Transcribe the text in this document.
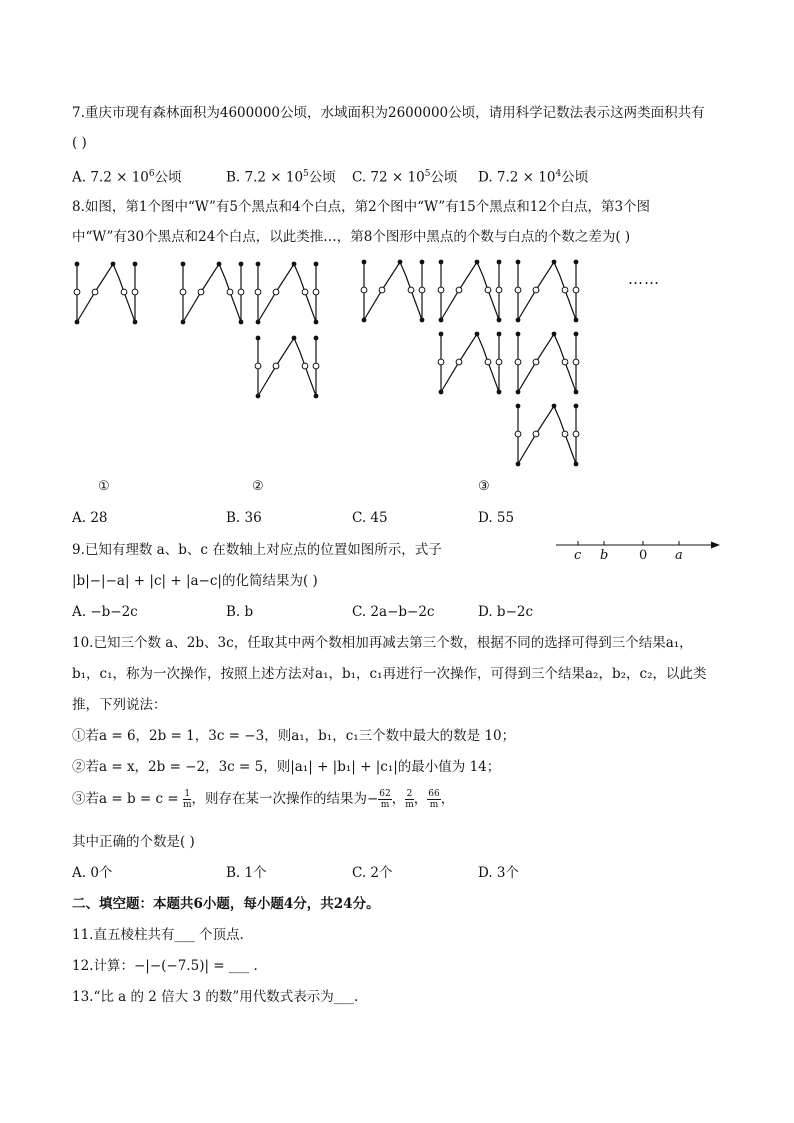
7.重庆市现有森林面积为4600000公顷，水域面积为2600000公顷，请用科学记数法表示这两类面积共有
( )
A. $7.2 \times 10^6$公顷	B. $7.2 \times 10^5$公顷 C. $72 \times 10^5$公顷 D. $7.2 \times 10^4$公顷
8.如图，第1个图中“W”有5个黑点和4个白点，第2个图中“W”有15个黑点和12个白点，第3个图
中“W”有30个黑点和24个白点，以此类推…，第8个图形中黑点的个数与白点的个数之差为( )
……
①	②	③
A. 28	B. 36	C. 45	D. 55
9.已知有理数 a、b、c 在数轴上对应点的位置如图所示，式子	c b 0 a
|b|−|−a| + |c| + |a−c|的化简结果为( )
A. −b−2c	B. b	C. 2a−b−2c	D. b−2c
10.已知三个数 a、2b、3c，任取其中两个数相加再减去第三个数，根据不同的选择可得到三个结果a₁，
b₁，c₁，称为一次操作，按照上述方法对a₁，b₁，c₁再进行一次操作，可得到三个结果a₂，b₂，c₂，以此类
推，下列说法：
①若a = 6，2b = 1，3c = −3，则a₁，b₁，c₁三个数中最大的数是 10；
②若a = x，2b = −2，3c = 5，则|a₁| + |b₁| + |c₁|的最小值为 14；
③若$a = b = c = \frac{1}{m}$ ，则存在某一次操作的结果为− $\frac{62}{m}$ ， $\frac{2}{m}$ ， $\frac{66}{m}$ ，
其中正确的个数是( )
A. 0个	B. 1个	C. 2个	D. 3个
二、填空题：本题共6小题，每小题4分，共24分。
11.直五棱柱共有___ 个顶点.
12.计算：−|−(−7.5)| = ___ .
13.“比 a 的 2 倍大 3 的数”用代数式表示为___.
